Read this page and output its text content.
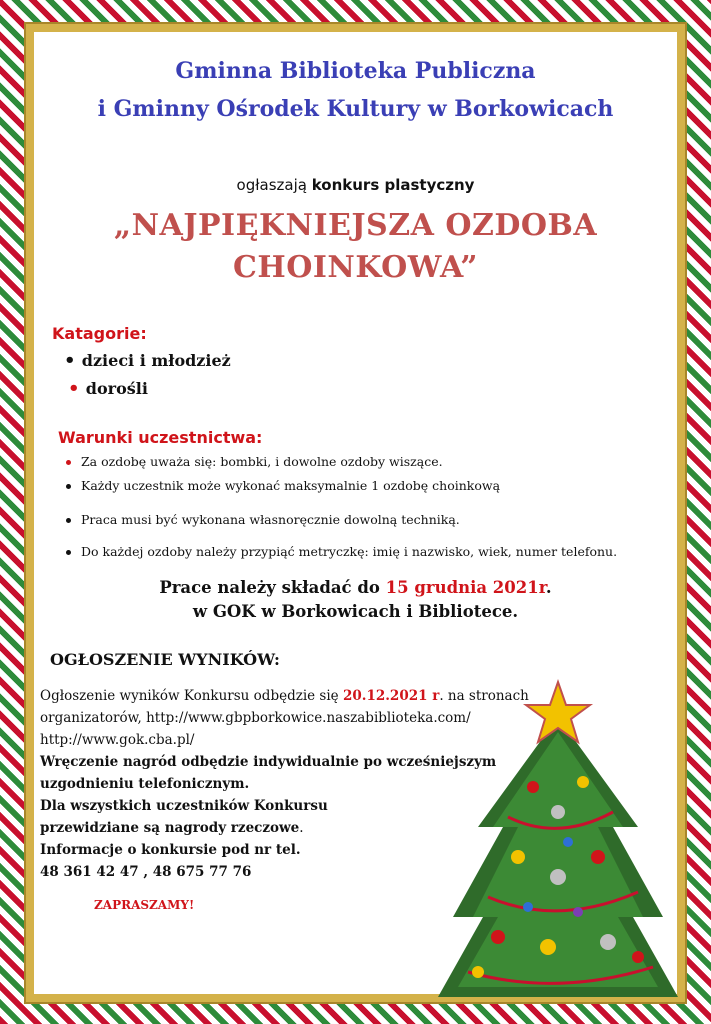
Gminna Biblioteka Publiczna
i Gminny Ośrodek Kultury w Borkowicach
ogłaszają konkurs plastyczny
„NAJPIĘKNIEJSZA OZDOBA
CHOINKOWA”
Katagorie:
• dzieci i młodzież
• dorośli
Warunki uczestnictwa:
Za ozdobę uważa się: bombki, i dowolne ozdoby wiszące.
Każdy uczestnik może wykonać maksymalnie 1 ozdobę choinkową
Praca musi być wykonana własnoręcznie dowolną techniką.
Do każdej ozdoby należy przypiąć metryczkę: imię i nazwisko, wiek, numer telefonu.
Prace należy składać do 15 grudnia 2021r.
w GOK w Borkowicach i Bibliotece.
OGŁOSZENIE WYNIKÓW:
Ogłoszenie wyników Konkursu odbędzie się 20.12.2021 r. na stronach
organizatorów, http://www.gbpborkowice.naszabiblioteka.com/
http://www.gok.cba.pl/
Wręczenie nagród odbędzie indywidualnie po wcześniejszym
uzgodnieniu telefonicznym.
Dla wszystkich uczestników Konkursu
przewidziane są nagrody rzeczowe.
Informacje o konkursie pod nr tel.
48 361 42 47 , 48 675 77 76
ZAPRASZAMY!
